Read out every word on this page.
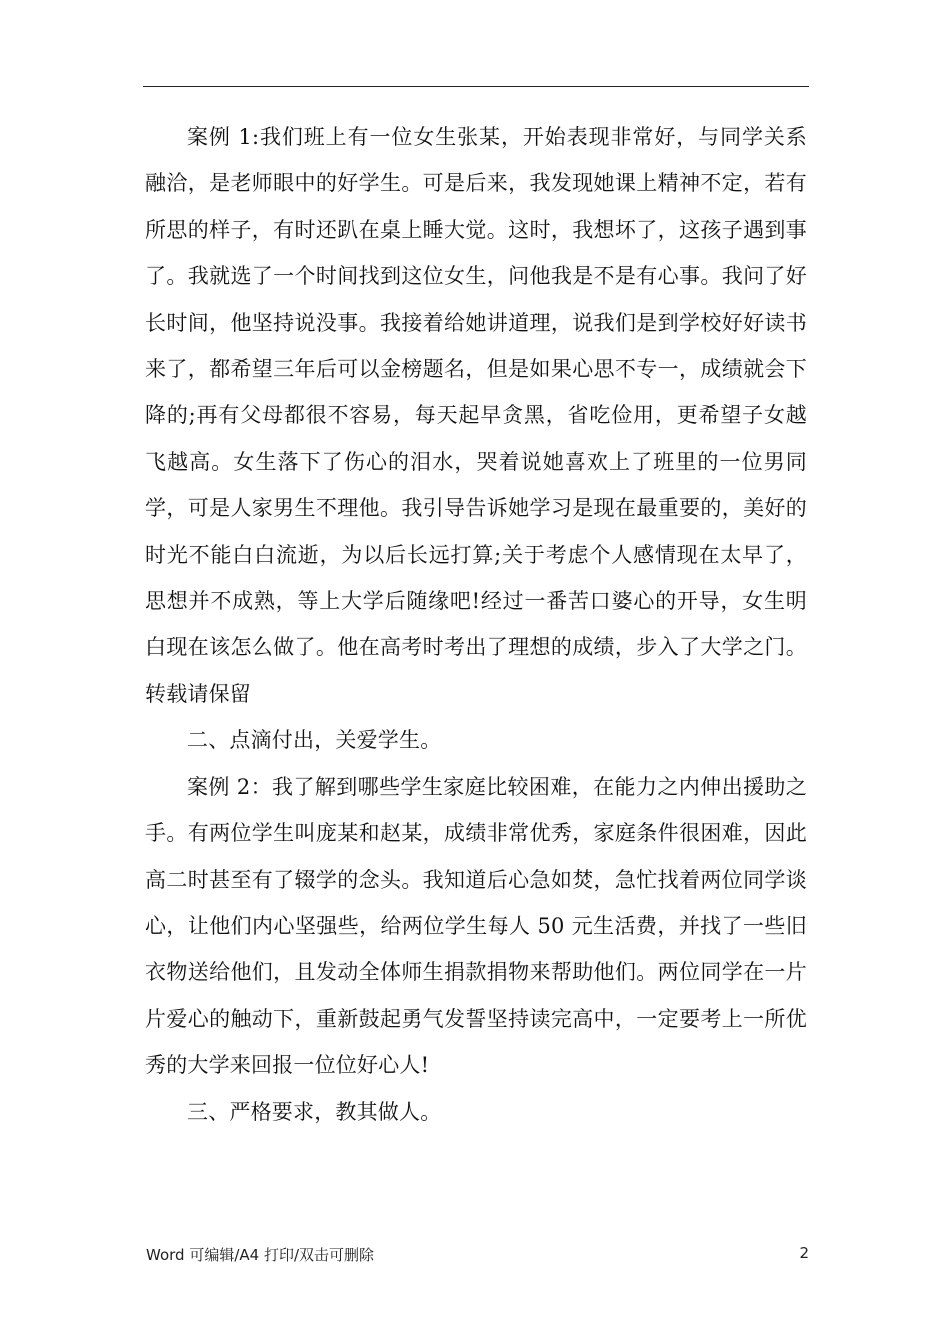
案例 1:我们班上有一位女生张某，开始表现非常好，与同学关系融洽，是老师眼中的好学生。可是后来，我发现她课上精神不定，若有所思的样子，有时还趴在桌上睡大觉。这时，我想坏了，这孩子遇到事了。我就选了一个时间找到这位女生，问他我是不是有心事。我问了好长时间，他坚持说没事。我接着给她讲道理，说我们是到学校好好读书来了，都希望三年后可以金榜题名，但是如果心思不专一，成绩就会下降的;再有父母都很不容易，每天起早贪黑，省吃俭用，更希望子女越飞越高。女生落下了伤心的泪水，哭着说她喜欢上了班里的一位男同学，可是人家男生不理他。我引导告诉她学习是现在最重要的，美好的时光不能白白流逝，为以后长远打算;关于考虑个人感情现在太早了，思想并不成熟，等上大学后随缘吧!经过一番苦口婆心的开导，女生明白现在该怎么做了。他在高考时考出了理想的成绩，步入了大学之门。转载请保留

二、点滴付出，关爱学生。

案例 2：我了解到哪些学生家庭比较困难，在能力之内伸出援助之手。有两位学生叫庞某和赵某，成绩非常优秀，家庭条件很困难，因此高二时甚至有了辍学的念头。我知道后心急如焚，急忙找着两位同学谈心，让他们内心坚强些，给两位学生每人 50 元生活费，并找了一些旧衣物送给他们，且发动全体师生捐款捐物来帮助他们。两位同学在一片片爱心的触动下，重新鼓起勇气发誓坚持读完高中，一定要考上一所优秀的大学来回报一位位好心人!

三、严格要求，教其做人。

Word 可编辑/A4 打印/双击可删除	2
